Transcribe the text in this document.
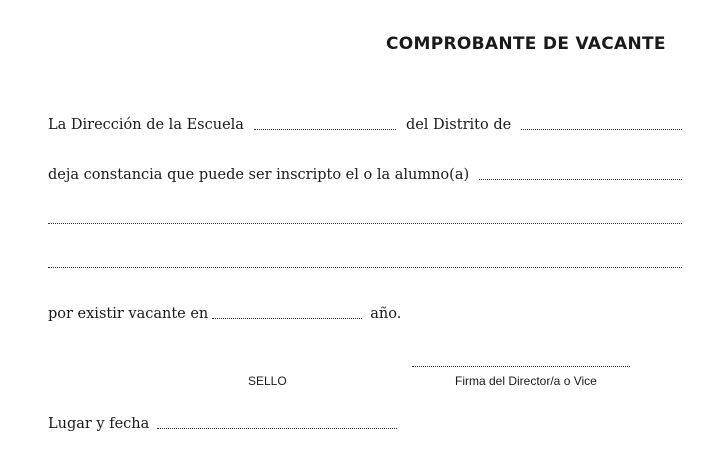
COMPROBANTE DE VACANTE
La Dirección de la Escuela	del Distrito de
deja constancia que puede ser inscripto el o la alumno(a)
por existir vacante en	año.
SELLO	Firma del Director/a o Vice
Lugar y fecha
